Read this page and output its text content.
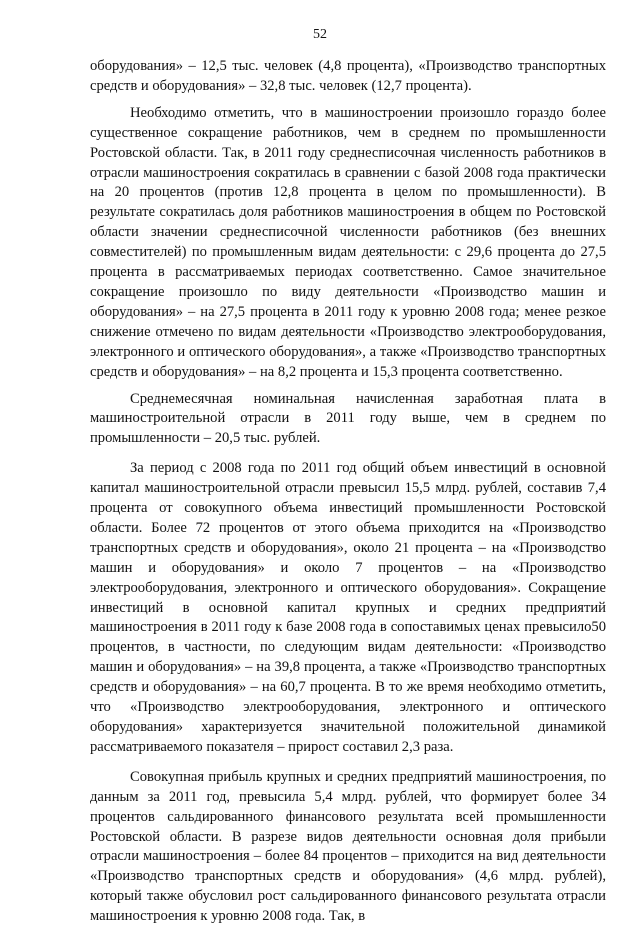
52

оборудования» – 12,5 тыс. человек (4,8 процента), «Производство транспортных средств и оборудования» – 32,8 тыс. человек (12,7 процента).

Необходимо отметить, что в машиностроении произошло гораздо более существенное сокращение работников, чем в среднем по промышленности Ростовской области. Так, в 2011 году среднесписочная численность работников в отрасли машиностроения сократилась в сравнении с базой 2008 года практически на 20 процентов (против 12,8 процента в целом по промышленности). В результате сократилась доля работников машиностроения в общем по Ростовской области значении среднесписочной численности работников (без внешних совместителей) по промышленным видам деятельности: с 29,6 процента до 27,5 процента в рассматриваемых периодах соответственно. Самое значительное сокращение произошло по виду деятельности «Производство машин и оборудования» – на 27,5 процента в 2011 году к уровню 2008 года; менее резкое снижение отмечено по видам деятельности «Производство электрооборудования, электронного и оптического оборудования», а также «Производство транспортных средств и оборудования» – на 8,2 процента и 15,3 процента соответственно.

Среднемесячная номинальная начисленная заработная плата в машиностроительной отрасли в 2011 году выше, чем в среднем по промышленности – 20,5 тыс. рублей.

За период с 2008 года по 2011 год общий объем инвестиций в основной капитал машиностроительной отрасли превысил 15,5 млрд. рублей, составив 7,4 процента от совокупного объема инвестиций промышленности Ростовской области. Более 72 процентов от этого объема приходится на «Производство транспортных средств и оборудования», около 21 процента – на «Производство машин и оборудования» и около 7 процентов – на «Производство электрооборудования, электронного и оптического оборудования». Сокращение инвестиций в основной капитал крупных и средних предприятий машиностроения в 2011 году к базе 2008 года в сопоставимых ценах превысило50 процентов, в частности, по следующим видам деятельности: «Производство машин и оборудования» – на 39,8 процента, а также «Производство транспортных средств и оборудования» – на 60,7 процента. В то же время необходимо отметить, что «Производство электрооборудования, электронного и оптического оборудования» характеризуется значительной положительной динамикой рассматриваемого показателя – прирост составил 2,3 раза.

Совокупная прибыль крупных и средних предприятий машиностроения, по данным за 2011 год, превысила 5,4 млрд. рублей, что формирует более 34 процентов сальдированного финансового результата всей промышленности Ростовской области. В разрезе видов деятельности основная доля прибыли отрасли машиностроения – более 84 процентов – приходится на вид деятельности «Производство транспортных средств и оборудования» (4,6 млрд. рублей), который также обусловил рост сальдированного финансового результата отрасли машиностроения к уровню 2008 года. Так, в
